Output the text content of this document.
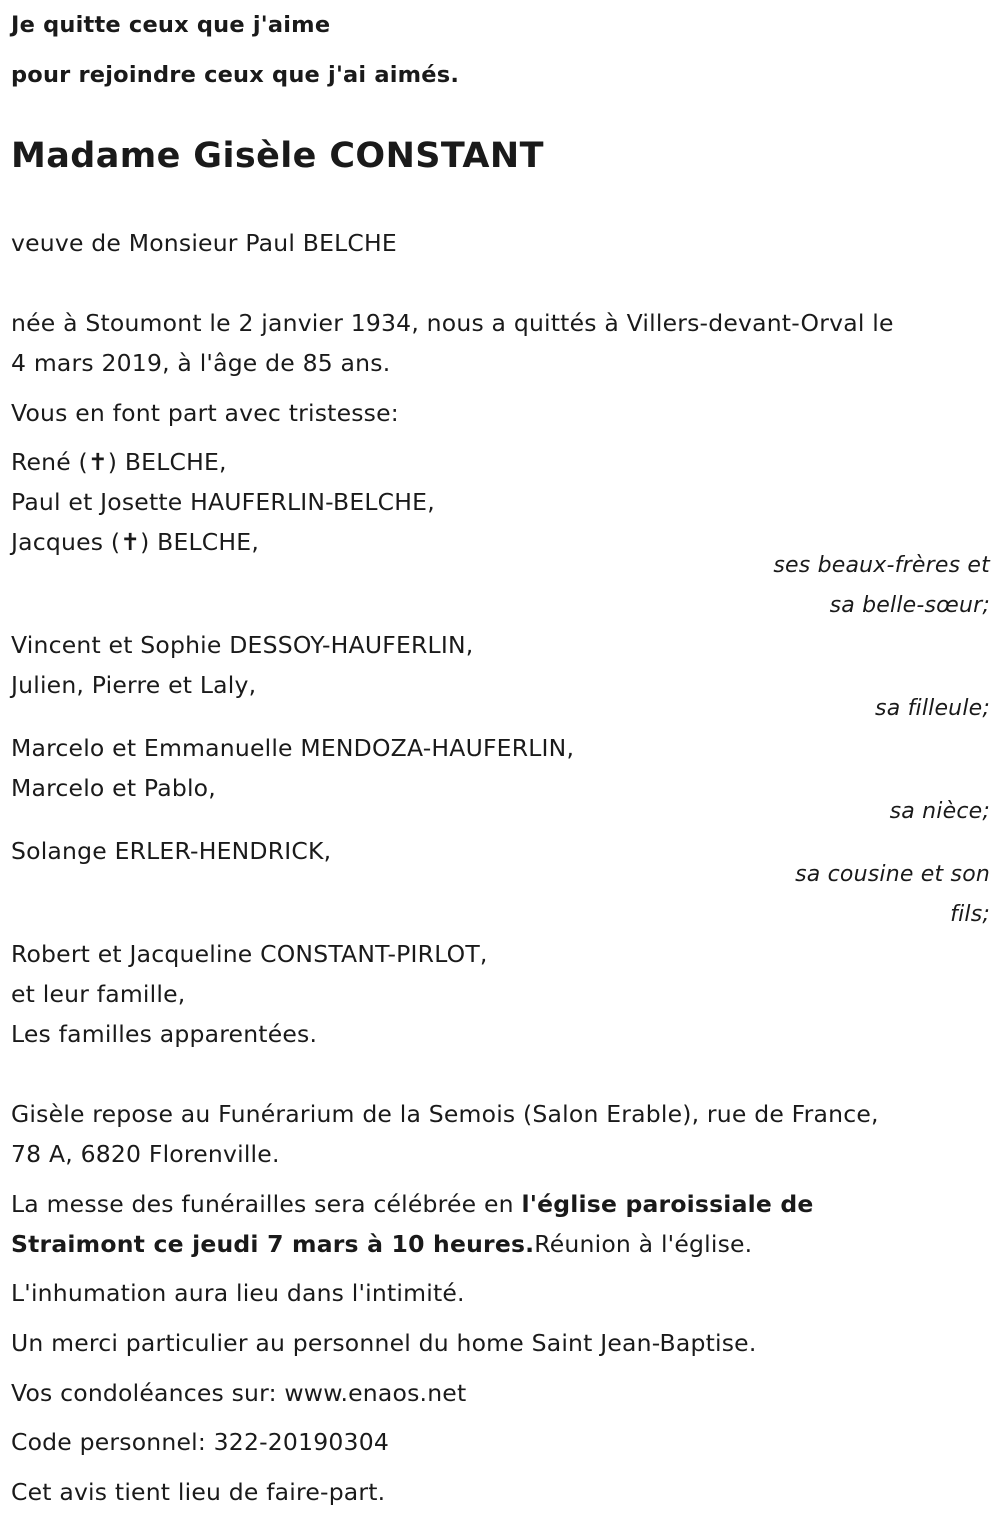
Je quitte ceux que j'aime
pour rejoindre ceux que j'ai aimés.
Madame Gisèle CONSTANT
veuve de Monsieur Paul BELCHE
née à Stoumont le 2 janvier 1934, nous a quittés à Villers-devant-Orval le
4 mars 2019, à l'âge de 85 ans.
Vous en font part avec tristesse:
René (✝) BELCHE,
Paul et Josette HAUFERLIN-BELCHE,
Jacques (✝) BELCHE,
ses beaux-frères et
sa belle-sœur;
Vincent et Sophie DESSOY-HAUFERLIN,
Julien, Pierre et Laly,
sa filleule;
Marcelo et Emmanuelle MENDOZA-HAUFERLIN,
Marcelo et Pablo,
sa nièce;
Solange ERLER-HENDRICK,
sa cousine et son
fils;
Robert et Jacqueline CONSTANT-PIRLOT,
et leur famille,
Les familles apparentées.
Gisèle repose au Funérarium de la Semois (Salon Erable), rue de France,
78 A, 6820 Florenville.
La messe des funérailles sera célébrée en l'église paroissiale de
Straimont ce jeudi 7 mars à 10 heures.Réunion à l'église.
L'inhumation aura lieu dans l'intimité.
Un merci particulier au personnel du home Saint Jean-Baptise.
Vos condoléances sur: www.enaos.net
Code personnel: 322-20190304
Cet avis tient lieu de faire-part.
